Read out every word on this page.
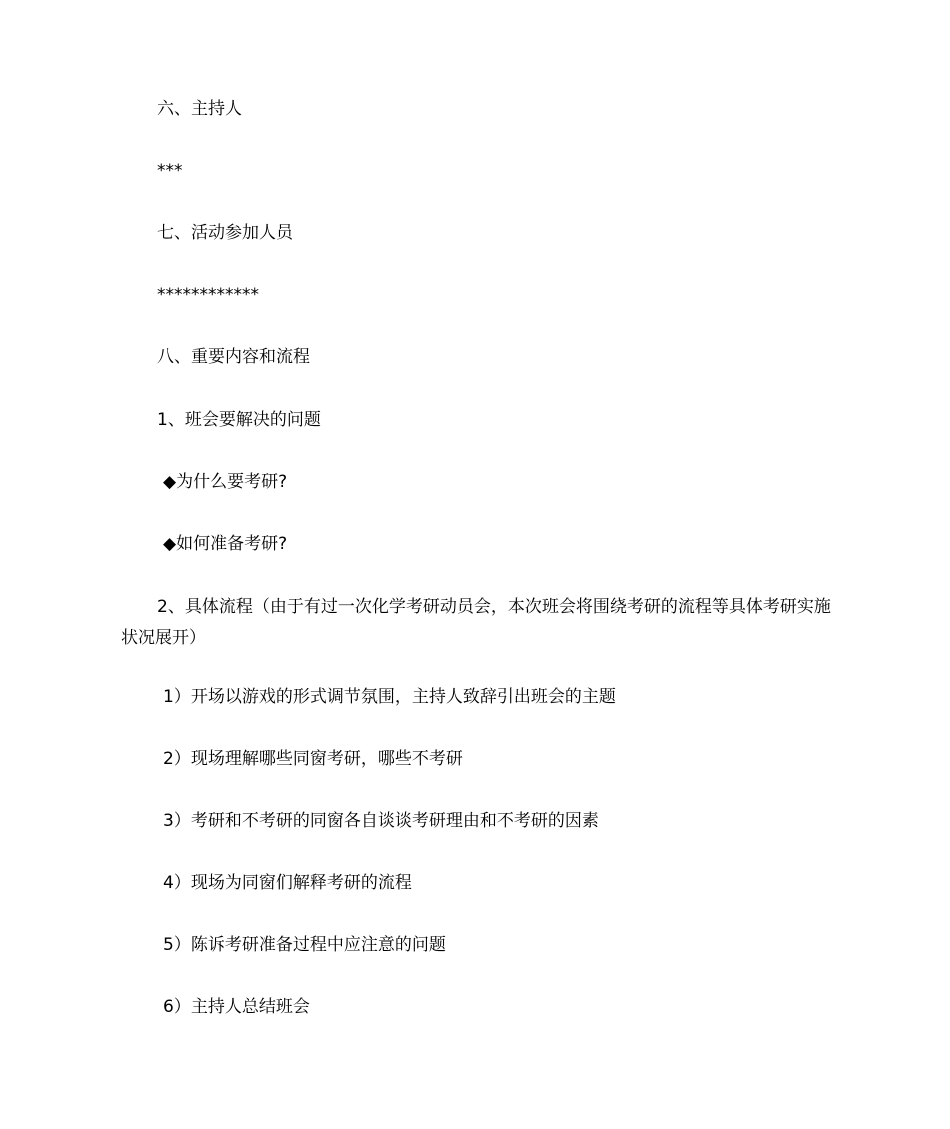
六、主持人
***
七、活动参加人员
************
八、重要内容和流程
1、班会要解决的问题
◆为什么要考研?
◆如何准备考研?
2、具体流程（由于有过一次化学考研动员会，本次班会将围绕考研的流程等具体考研实施状况展开）
1）开场以游戏的形式调节氛围，主持人致辞引出班会的主题
2）现场理解哪些同窗考研，哪些不考研
3）考研和不考研的同窗各自谈谈考研理由和不考研的因素
4）现场为同窗们解释考研的流程
5）陈诉考研准备过程中应注意的问题
6）主持人总结班会
